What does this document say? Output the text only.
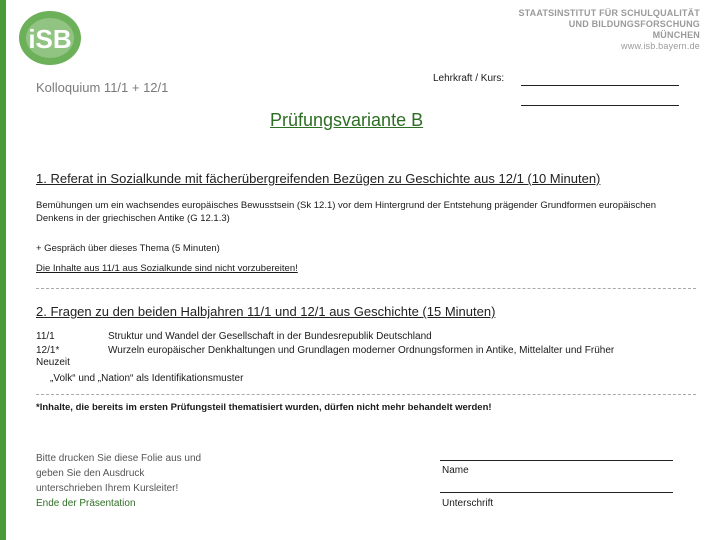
iSB
STAATSINSTITUT FÜR SCHULQUALITÄT
UND BILDUNGSFORSCHUNG
MÜNCHEN
www.isb.bayern.de
Kolloquium 11/1 + 12/1
Lehrkraft / Kurs:
Prüfungsvariante B
1. Referat in Sozialkunde mit fächerübergreifenden Bezügen zu Geschichte aus 12/1 (10 Minuten)
Bemühungen um ein wachsendes europäisches Bewusstsein (Sk 12.1) vor dem Hintergrund der Entstehung prägender Grundformen europäischen Denkens in der griechischen Antike (G 12.1.3)
+ Gespräch über dieses Thema (5 Minuten)
Die Inhalte aus 11/1 aus Sozialkunde sind nicht vorzubereiten!
2. Fragen zu den beiden Halbjahren 11/1 und 12/1 aus Geschichte (15 Minuten)
11/1	Struktur und Wandel der Gesellschaft in der Bundesrepublik Deutschland
12/1*	Wurzeln europäischer Denkhaltungen und Grundlagen moderner Ordnungsformen in Antike, Mittelalter und Früher
Neuzeit
„Volk“ und „Nation“ als Identifikationsmuster
*Inhalte, die bereits im ersten Prüfungsteil thematisiert wurden, dürfen nicht mehr behandelt werden!
Bitte drucken Sie diese Folie aus und
geben Sie den Ausdruck
unterschrieben Ihrem Kursleiter!
Ende der Präsentation
Name
Unterschrift
